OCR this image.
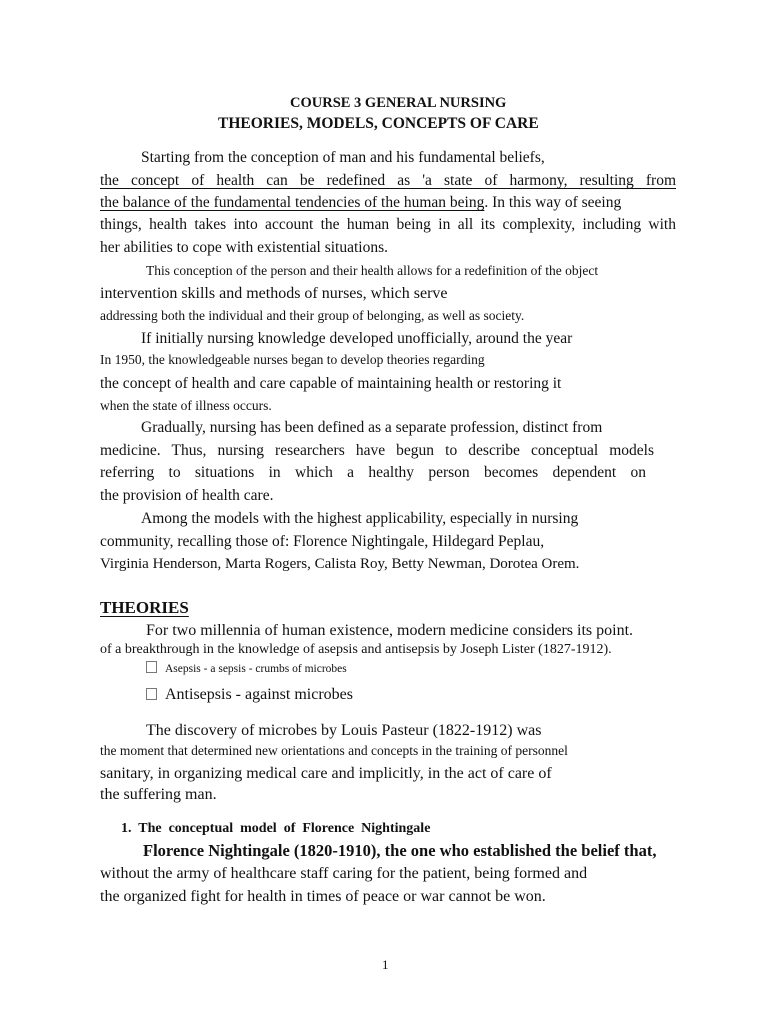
COURSE 3 GENERAL NURSING
THEORIES, MODELS, CONCEPTS OF CARE
Starting from the conception of man and his fundamental beliefs,
the concept of health can be redefined as 'a state of harmony, resulting from
the balance of the fundamental tendencies of the human being. In this way of seeing
things, health takes into account the human being in all its complexity, including with
her abilities to cope with existential situations.
This conception of the person and their health allows for a redefinition of the object
intervention skills and methods of nurses, which serve
addressing both the individual and their group of belonging, as well as society.
If initially nursing knowledge developed unofficially, around the year
In 1950, the knowledgeable nurses began to develop theories regarding
the concept of health and care capable of maintaining health or restoring it
when the state of illness occurs.
Gradually, nursing has been defined as a separate profession, distinct from
medicine. Thus, nursing researchers have begun to describe conceptual models
referring to situations in which a healthy person becomes dependent on
the provision of health care.
Among the models with the highest applicability, especially in nursing
community, recalling those of: Florence Nightingale, Hildegard Peplau,
Virginia Henderson, Marta Rogers, Calista Roy, Betty Newman, Dorotea Orem.
THEORIES
For two millennia of human existence, modern medicine considers its point.
of a breakthrough in the knowledge of asepsis and antisepsis by Joseph Lister (1827-1912).
Asepsis - a sepsis - crumbs of microbes
Antisepsis - against microbes
The discovery of microbes by Louis Pasteur (1822-1912) was
the moment that determined new orientations and concepts in the training of personnel
sanitary, in organizing medical care and implicitly, in the act of care of
the suffering man.
1. The  conceptual  model  of  Florence  Nightingale
Florence Nightingale (1820-1910), the one who established the belief that,
without the army of healthcare staff caring for the patient, being formed and
the organized fight for health in times of peace or war cannot be won.
1
